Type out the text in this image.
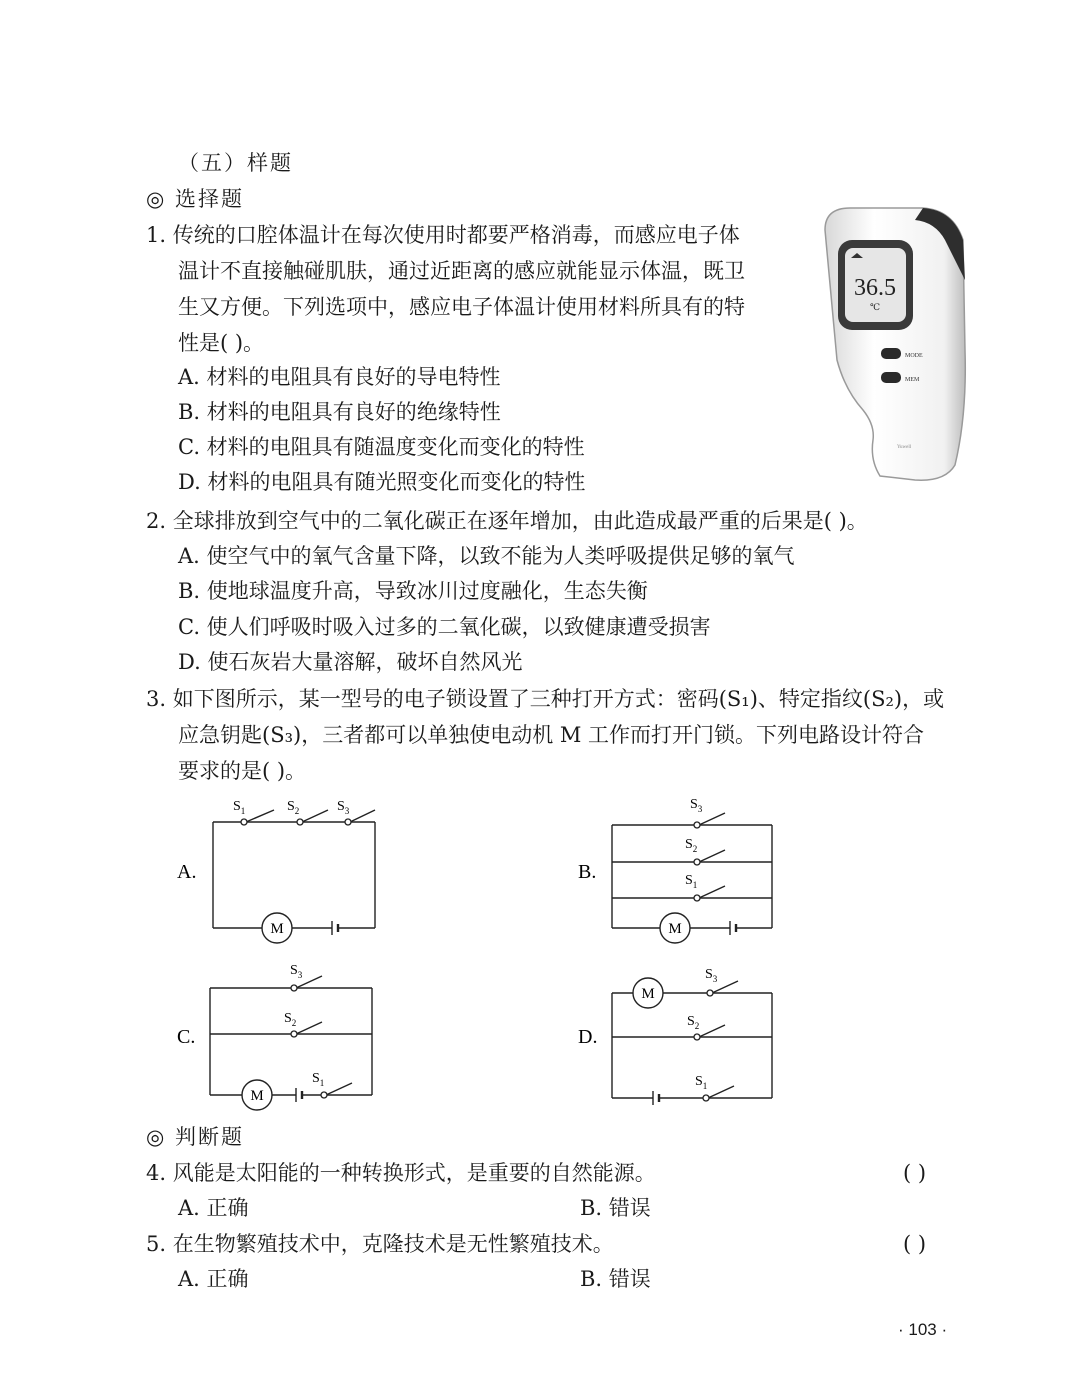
（五）样题
◎ 选择题
1. 传统的口腔体温计在每次使用时都要严格消毒，而感应电子体
温计不直接触碰肌肤，通过近距离的感应就能显示体温，既卫
生又方便。下列选项中，感应电子体温计使用材料所具有的特
性是( )。
A. 材料的电阻具有良好的导电特性
B. 材料的电阻具有良好的绝缘特性
C. 材料的电阻具有随温度变化而变化的特性
D. 材料的电阻具有随光照变化而变化的特性
36.5
℃
MODE
MEM
Yuwell
2. 全球排放到空气中的二氧化碳正在逐年增加，由此造成最严重的后果是( )。
A. 使空气中的氧气含量下降，以致不能为人类呼吸提供足够的氧气
B. 使地球温度升高，导致冰川过度融化，生态失衡
C. 使人们呼吸时吸入过多的二氧化碳，以致健康遭受损害
D. 使石灰岩大量溶解，破坏自然风光
3. 如下图所示，某一型号的电子锁设置了三种打开方式：密码(S₁)、特定指纹(S₂)，或
应急钥匙(S₃)，三者都可以单独使电动机 M 工作而打开门锁。下列电路设计符合
要求的是( )。
A.	B.
C.	D.
M	M
M
M
$S_1$	$S_2$	$S_3$	$S_3$
$S_2$
$S_1$
$S_3$
$S_2$
$S_1$
$S_3$
$S_2$
$S_1$
◎ 判断题
4. 风能是太阳能的一种转换形式，是重要的自然能源。	( )
A. 正确	B. 错误
5. 在生物繁殖技术中，克隆技术是无性繁殖技术。	( )
A. 正确	B. 错误
· 103 ·
